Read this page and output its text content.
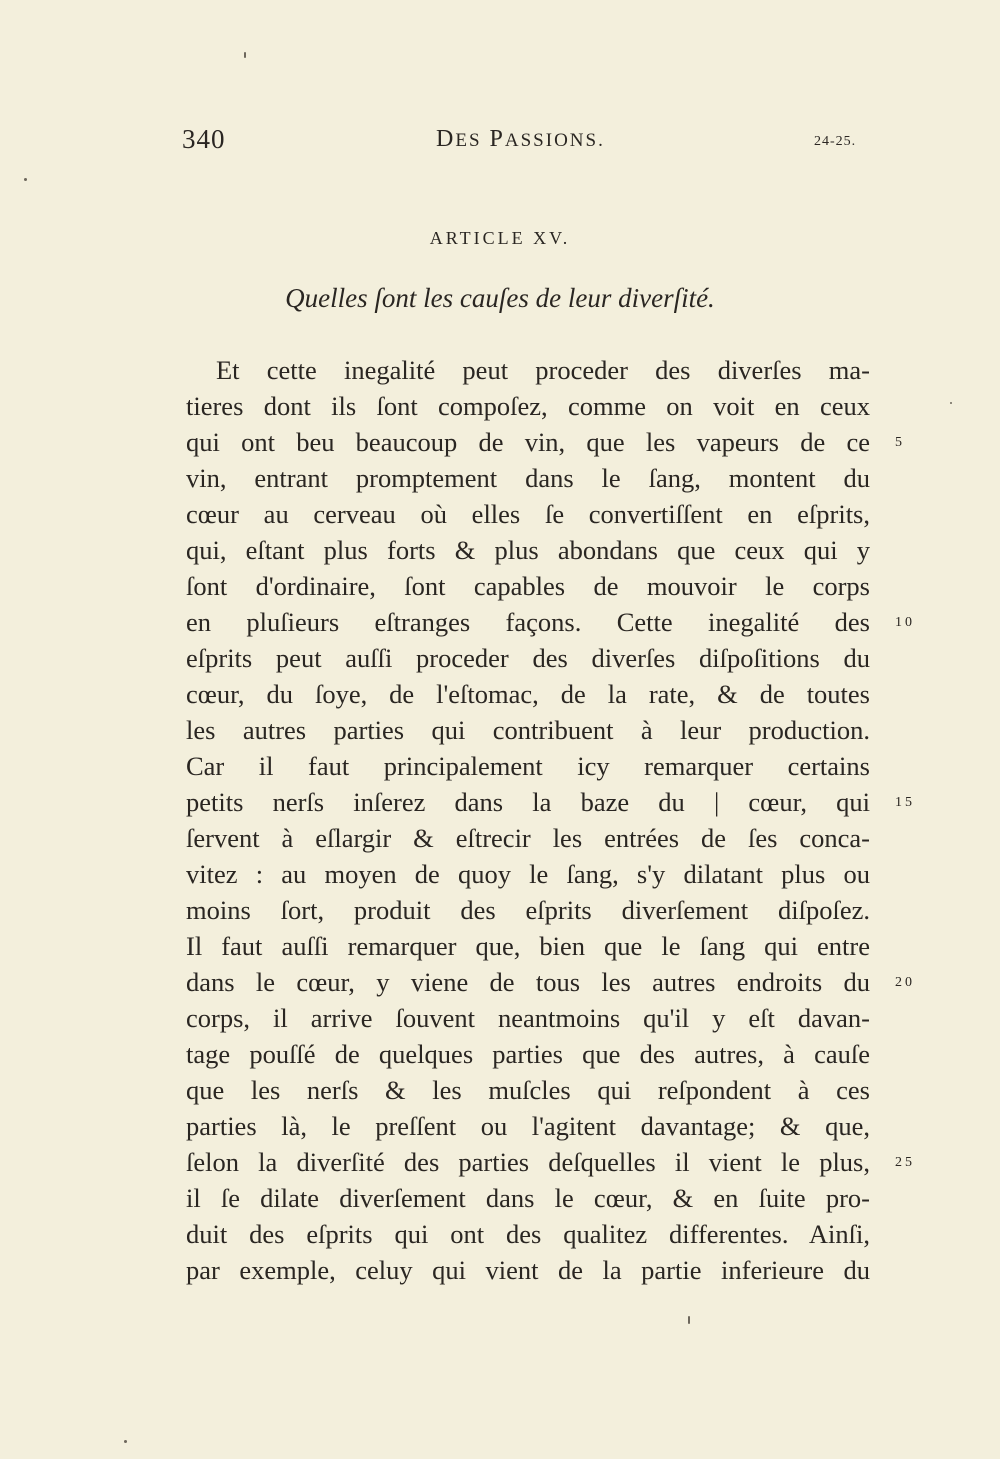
340	DES PASSIONS.	24-25.
ARTICLE XV.
Quelles ſont les cauſes de leur diverſité.
Et cette inegalité peut proceder des diverſes ma-
tieres dont ils ſont compoſez, comme on voit en ceux
qui ont beu beaucoup de vin, que les vapeurs de ce
vin, entrant promptement dans le ſang, montent du
cœur au cerveau où elles ſe convertiſſent en eſprits,
qui, eſtant plus forts & plus abondans que ceux qui y
ſont d'ordinaire, ſont capables de mouvoir le corps
en pluſieurs eſtranges façons. Cette inegalité des
eſprits peut auſſi proceder des diverſes diſpoſitions du
cœur, du ſoye, de l'eſtomac, de la rate, & de toutes
les autres parties qui contribuent à leur production.
Car il faut principalement icy remarquer certains
petits nerſs inſerez dans la baze du | cœur, qui
ſervent à eſlargir & eſtrecir les entrées de ſes conca-
vitez : au moyen de quoy le ſang, s'y dilatant plus ou
moins ſort, produit des eſprits diverſement diſpoſez.
Il faut auſſi remarquer que, bien que le ſang qui entre
dans le cœur, y viene de tous les autres endroits du
corps, il arrive ſouvent neantmoins qu'il y eſt davan-
tage pouſſé de quelques parties que des autres, à cauſe
que les nerſs & les muſcles qui reſpondent à ces
parties là, le preſſent ou l'agitent davantage; & que,
ſelon la diverſité des parties deſquelles il vient le plus,
il ſe dilate diverſement dans le cœur, & en ſuite pro-
duit des eſprits qui ont des qualitez differentes. Ainſi,
par exemple, celuy qui vient de la partie inferieure du
5
10
15
20
25
